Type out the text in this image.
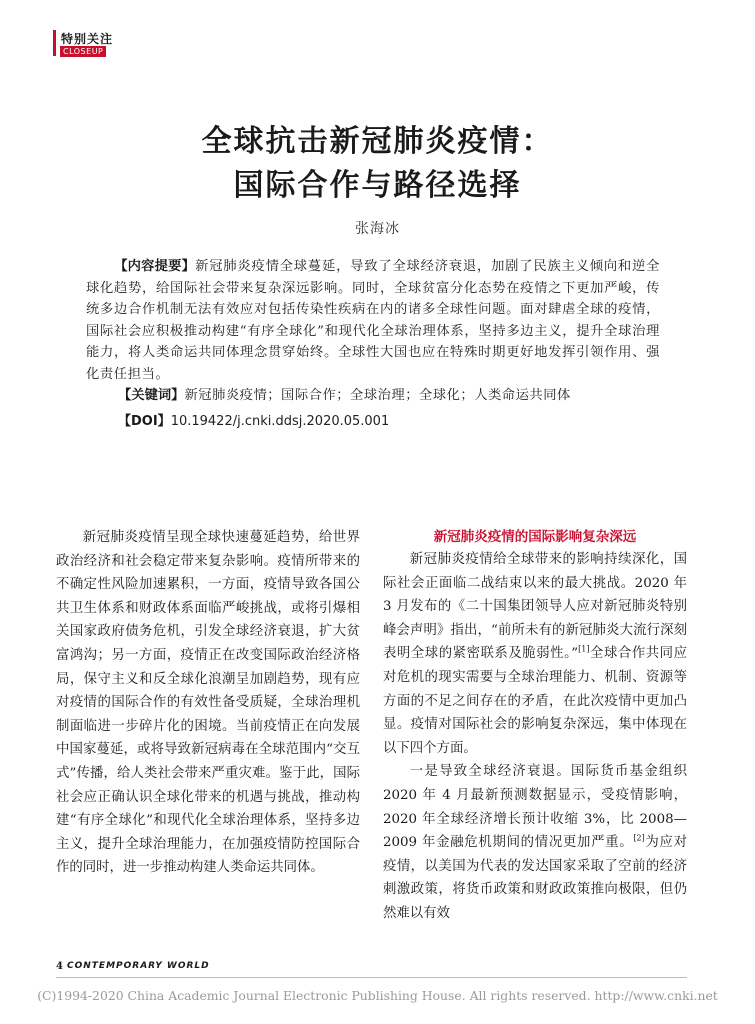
特别关注
CLOSEUP
全球抗击新冠肺炎疫情：
国际合作与路径选择
张海冰
【内容提要】新冠肺炎疫情全球蔓延，导致了全球经济衰退，加剧了民族主义倾向和逆全球化趋势，给国际社会带来复杂深远影响。同时，全球贫富分化态势在疫情之下更加严峻，传统多边合作机制无法有效应对包括传染性疾病在内的诸多全球性问题。面对肆虐全球的疫情，国际社会应积极推动构建“有序全球化”和现代化全球治理体系，坚持多边主义，提升全球治理能力，将人类命运共同体理念贯穿始终。全球性大国也应在特殊时期更好地发挥引领作用、强化责任担当。
【关键词】新冠肺炎疫情；国际合作；全球治理；全球化；人类命运共同体
【DOI】10.19422/j.cnki.ddsj.2020.05.001

新冠肺炎疫情呈现全球快速蔓延趋势，给世界政治经济和社会稳定带来复杂影响。疫情所带来的不确定性风险加速累积，一方面，疫情导致各国公共卫生体系和财政体系面临严峻挑战，或将引爆相关国家政府债务危机，引发全球经济衰退，扩大贫富鸿沟；另一方面，疫情正在改变国际政治经济格局，保守主义和反全球化浪潮呈加剧趋势，现有应对疫情的国际合作的有效性备受质疑，全球治理机制面临进一步碎片化的困境。当前疫情正在向发展中国家蔓延，或将导致新冠病毒在全球范围内“交互式”传播，给人类社会带来严重灾难。鉴于此，国际社会应正确认识全球化带来的机遇与挑战，推动构建“有序全球化”和现代化全球治理体系，坚持多边主义，提升全球治理能力，在加强疫情防控国际合作的同时，进一步推动构建人类命运共同体。

新冠肺炎疫情的国际影响复杂深远

新冠肺炎疫情给全球带来的影响持续深化，国际社会正面临二战结束以来的最大挑战。2020 年 3 月发布的《二十国集团领导人应对新冠肺炎特别峰会声明》指出，“前所未有的新冠肺炎大流行深刻表明全球的紧密联系及脆弱性。”[1]全球合作共同应对危机的现实需要与全球治理能力、机制、资源等方面的不足之间存在的矛盾，在此次疫情中更加凸显。疫情对国际社会的影响复杂深远，集中体现在以下四个方面。

一是导致全球经济衰退。国际货币基金组织 2020 年 4 月最新预测数据显示，受疫情影响，2020 年全球经济增长预计收缩 3%，比 2008—2009 年金融危机期间的情况更加严重。[2]为应对疫情，以美国为代表的发达国家采取了空前的经济刺激政策，将货币政策和财政政策推向极限，但仍然难以有效

4 CONTEMPORARY WORLD
(C)1994-2020 China Academic Journal Electronic Publishing House. All rights reserved. http://www.cnki.net
